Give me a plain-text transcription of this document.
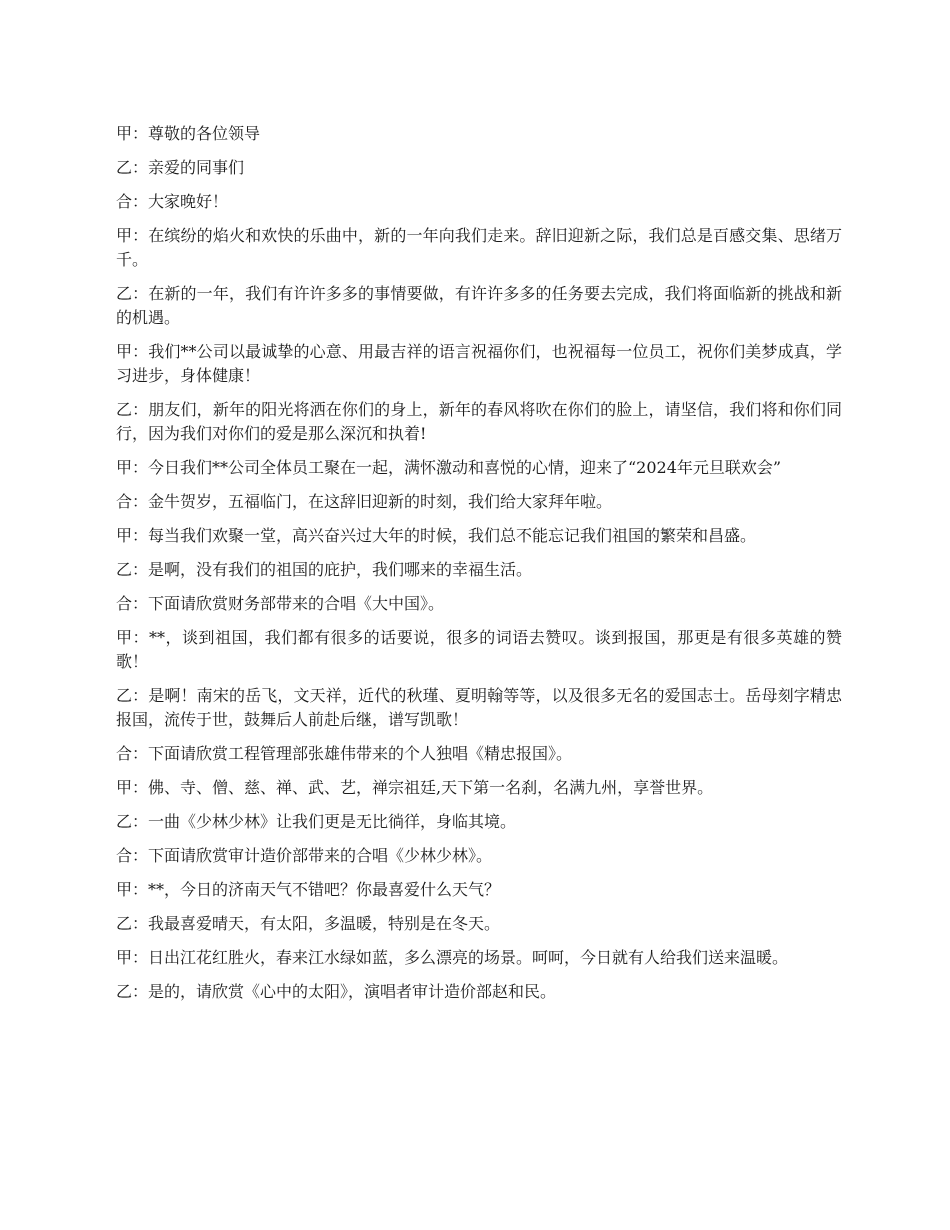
甲：尊敬的各位领导

乙：亲爱的同事们

合：大家晚好！

甲：在缤纷的焰火和欢快的乐曲中，新的一年向我们走来。辞旧迎新之际，我们总是百感交集、思绪万千。

乙：在新的一年，我们有许许多多的事情要做，有许许多多的任务要去完成，我们将面临新的挑战和新的机遇。

甲：我们**公司以最诚挚的心意、用最吉祥的语言祝福你们，也祝福每一位员工，祝你们美梦成真，学习进步，身体健康！

乙：朋友们，新年的阳光将洒在你们的身上，新年的春风将吹在你们的脸上，请坚信，我们将和你们同行，因为我们对你们的爱是那么深沉和执着!

甲：今日我们**公司全体员工聚在一起，满怀激动和喜悦的心情，迎来了“2024年元旦联欢会”

合：金牛贺岁，五福临门，在这辞旧迎新的时刻，我们给大家拜年啦。

甲：每当我们欢聚一堂，高兴奋兴过大年的时候，我们总不能忘记我们祖国的繁荣和昌盛。

乙：是啊，没有我们的祖国的庇护，我们哪来的幸福生活。

合：下面请欣赏财务部带来的合唱《大中国》。

甲：**，谈到祖国，我们都有很多的话要说，很多的词语去赞叹。谈到报国，那更是有很多英雄的赞歌！

乙：是啊！南宋的岳飞，文天祥，近代的秋瑾、夏明翰等等，以及很多无名的爱国志士。岳母刻字精忠报国，流传于世，鼓舞后人前赴后继，谱写凯歌！

合：下面请欣赏工程管理部张雄伟带来的个人独唱《精忠报国》。

甲：佛、寺、僧、慈、禅、武、艺，禅宗祖廷,天下第一名刹，名满九州，享誉世界。

乙：一曲《少林少林》让我们更是无比徜徉，身临其境。

合：下面请欣赏审计造价部带来的合唱《少林少林》。

甲：**，今日的济南天气不错吧？你最喜爱什么天气？

乙：我最喜爱晴天，有太阳，多温暖，特别是在冬天。

甲：日出江花红胜火，春来江水绿如蓝，多么漂亮的场景。呵呵，今日就有人给我们送来温暖。

乙：是的，请欣赏《心中的太阳》，演唱者审计造价部赵和民。
